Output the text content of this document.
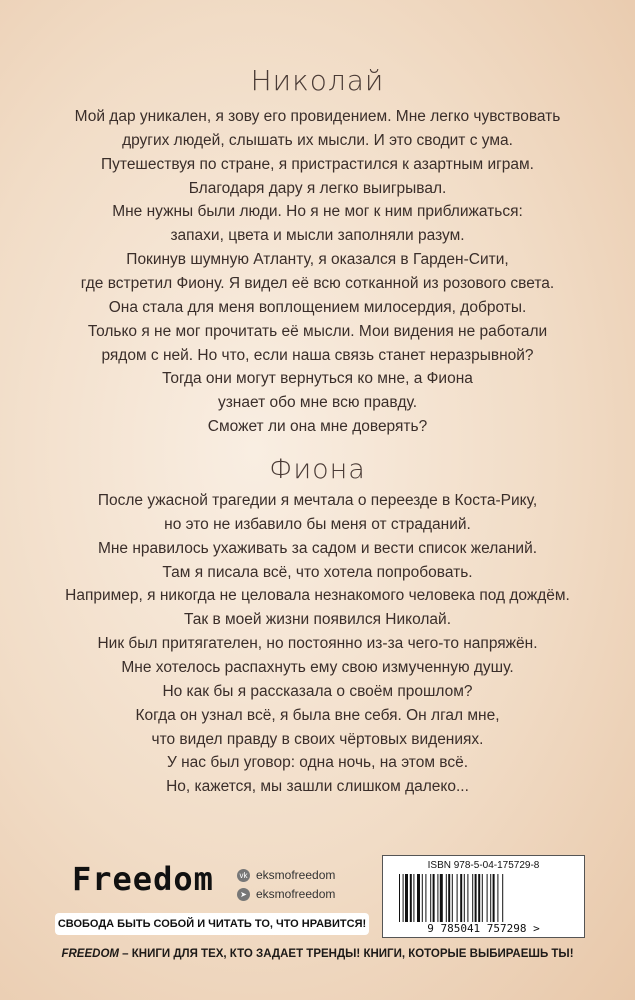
Николай
Мой дар уникален, я зову его провидением. Мне легко чувствовать
других людей, слышать их мысли. И это сводит с ума.
Путешествуя по стране, я пристрастился к азартным играм.
Благодаря дару я легко выигрывал.
Мне нужны были люди. Но я не мог к ним приближаться:
запахи, цвета и мысли заполняли разум.
Покинув шумную Атланту, я оказался в Гарден-Сити,
где встретил Фиону. Я видел её всю сотканной из розового света.
Она стала для меня воплощением милосердия, доброты.
Только я не мог прочитать её мысли. Мои видения не работали
рядом с ней. Но что, если наша связь станет неразрывной?
Тогда они могут вернуться ко мне, а Фиона
узнает обо мне всю правду.
Сможет ли она мне доверять?
Фиона
После ужасной трагедии я мечтала о переезде в Коста-Рику,
но это не избавило бы меня от страданий.
Мне нравилось ухаживать за садом и вести список желаний.
Там я писала всё, что хотела попробовать.
Например, я никогда не целовала незнакомого человека под дождём.
Так в моей жизни появился Николай.
Ник был притягателен, но постоянно из-за чего-то напряжён.
Мне хотелось распахнуть ему свою измученную душу.
Но как бы я рассказала о своём прошлом?
Когда он узнал всё, я была вне себя. Он лгал мне,
что видел правду в своих чёртовых видениях.
У нас был уговор: одна ночь, на этом всё.
Но, кажется, мы зашли слишком далеко...
Freedom	vk eksmofreedom
➤ eksmofreedom
СВОБОДА БЫТЬ СОБОЙ И ЧИТАТЬ ТО, ЧТО НРАВИТСЯ!
FREEDOM – КНИГИ ДЛЯ ТЕХ, КТО ЗАДАЕТ ТРЕНДЫ! КНИГИ, КОТОРЫЕ ВЫБИРАЕШЬ ТЫ!
ISBN 978-5-04-175729-8
9 785041 757298 >
